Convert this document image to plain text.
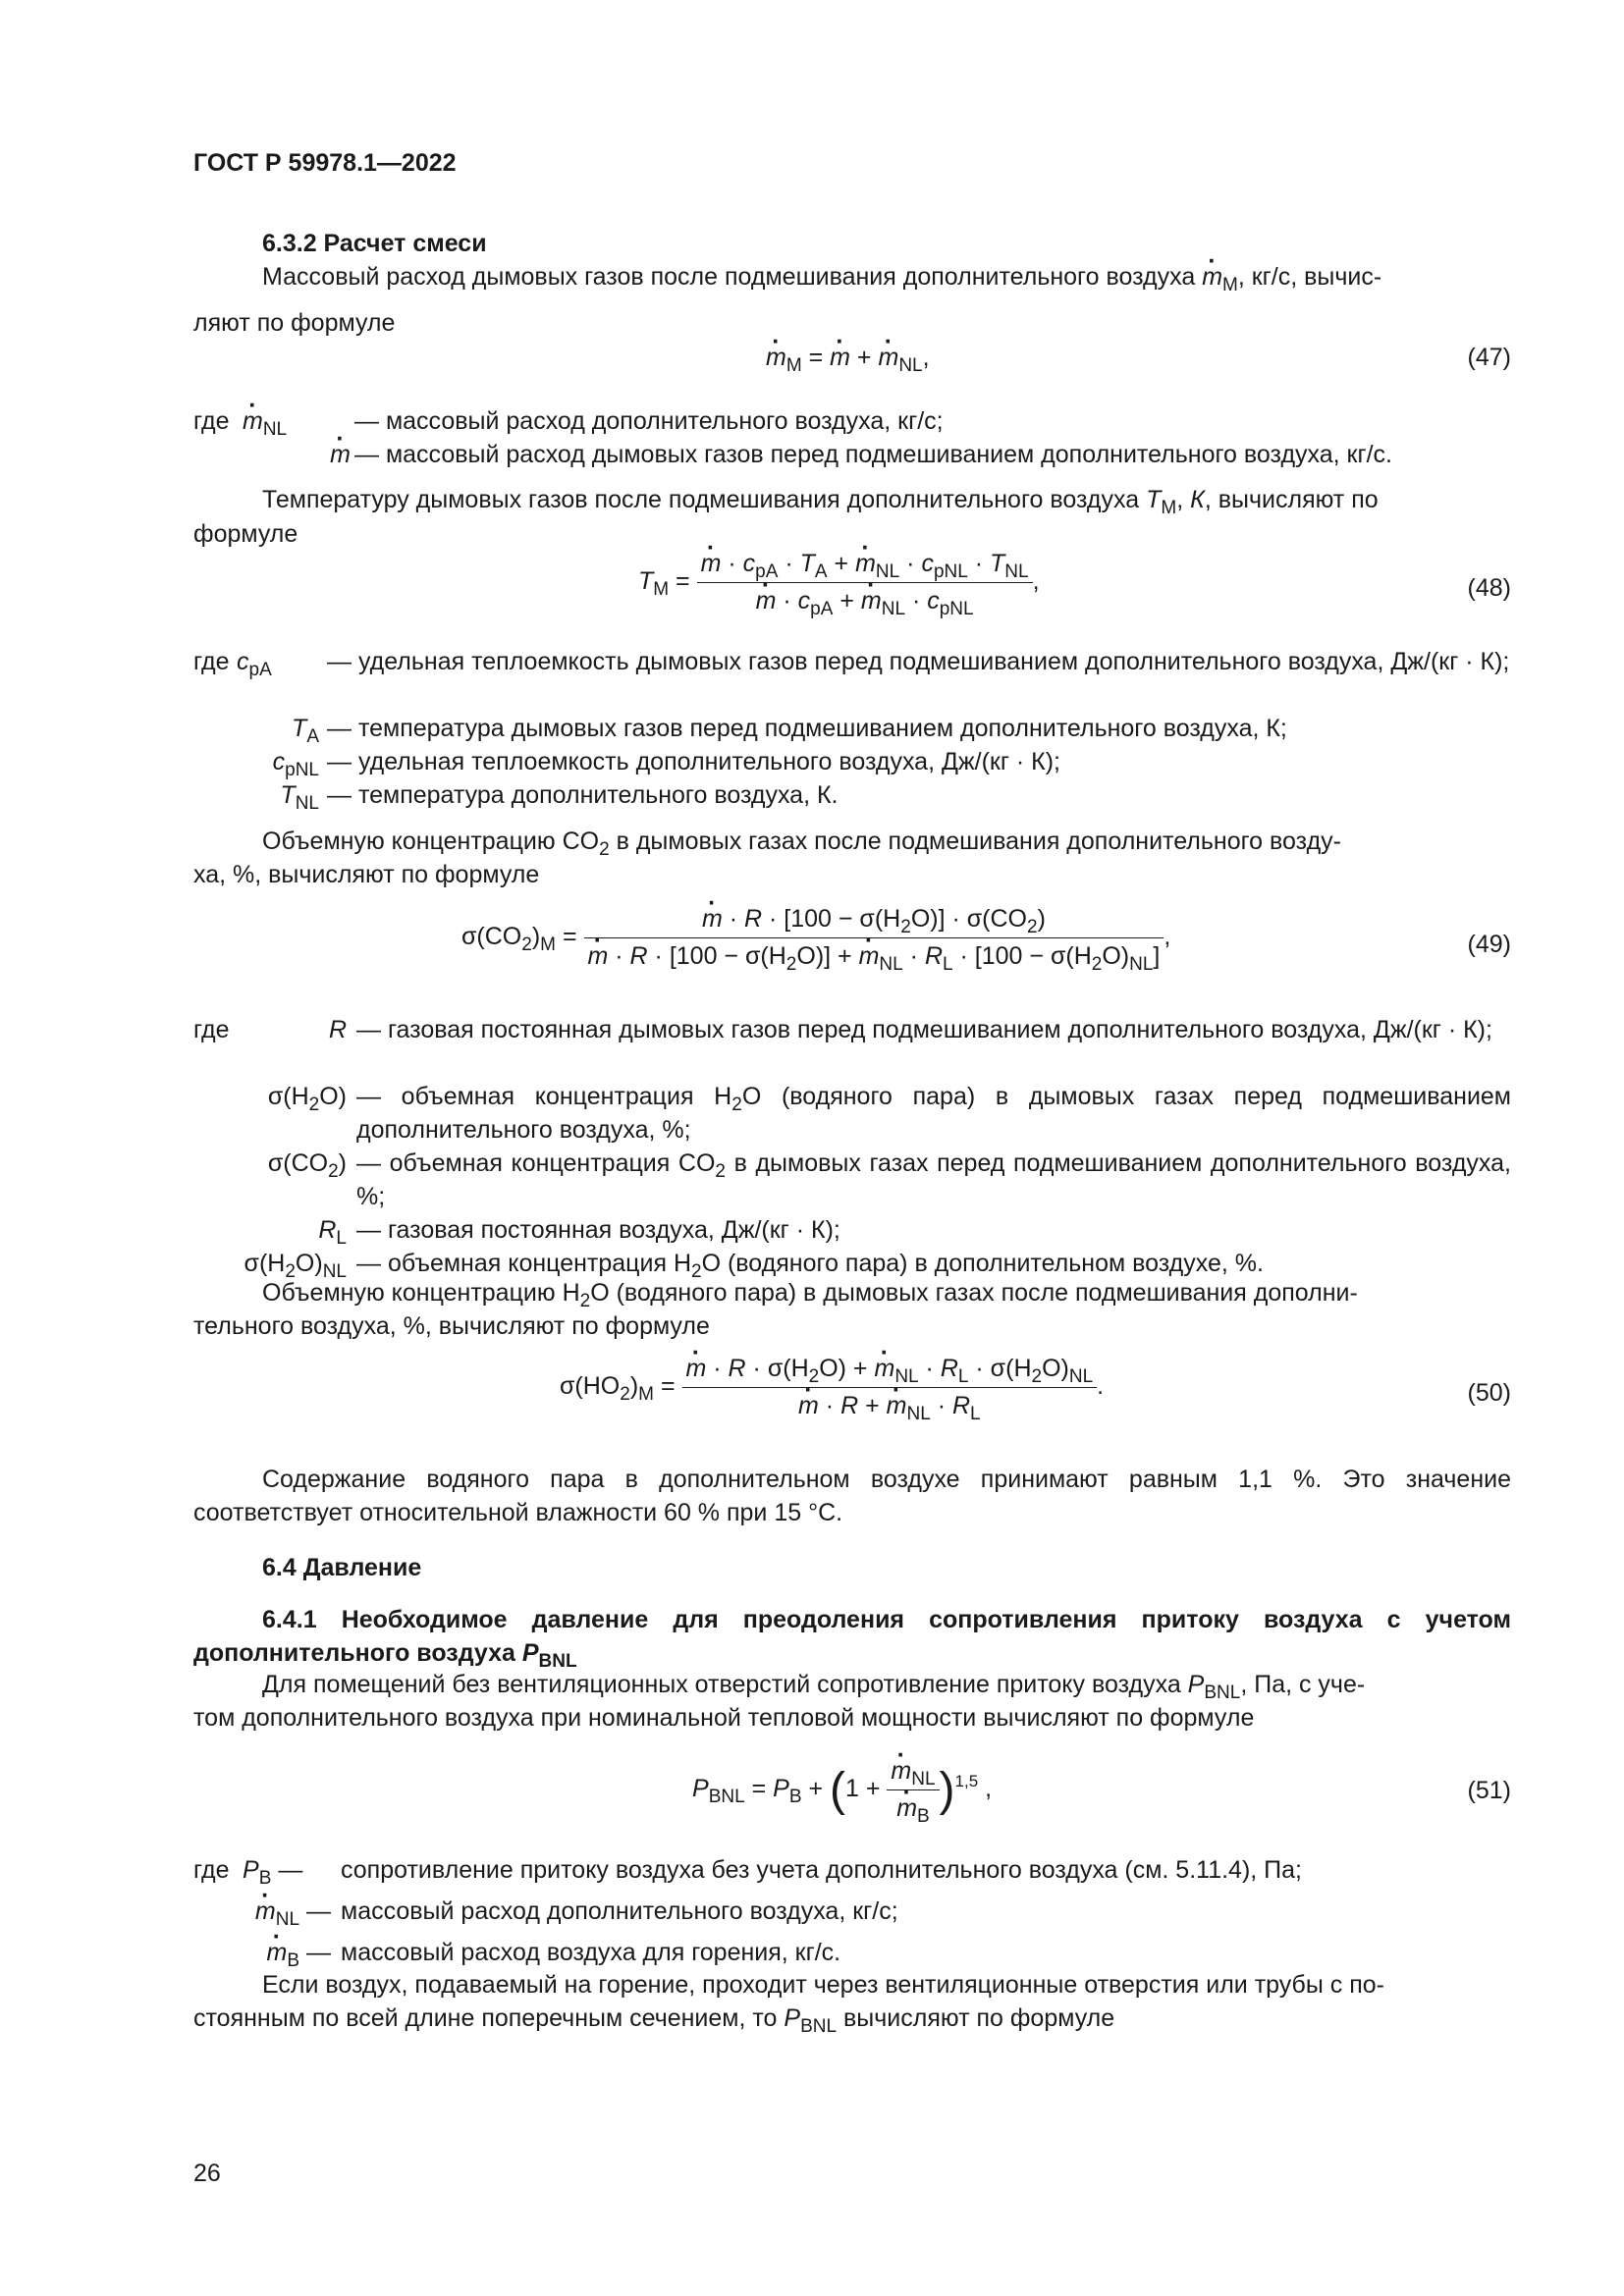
ГОСТ Р 59978.1—2022
6.3.2 Расчет смеси
Массовый расход дымовых газов после подмешивания дополнительного воздуха · $m_M$, кг/с, вычис-
ляют по формуле
· $m_M$ = · m + · $m_{NL}$,	(47)
где · $m_{NL}$	— массовый расход дополнительного воздуха, кг/с;
· m — массовый расход дымовых газов перед подмешиванием дополнительного воздуха, кг/с.
Температуру дымовых газов после подмешивания дополнительного воздуха $T_M$, К, вычисляют по
формуле
$T_M$ = · $m \cdot c_{pA} \cdot T_A$ + · $m_{NL} \cdot c_{pNL} \cdot T_{NL}$
· $m \cdot c_{pA}$ + · $m_{NL} \cdot c_{pNL}$ ,	(48)
где $c_{pA}$	— удельная теплоемкость дымовых газов перед подмешиванием дополнительного воздуха, Дж/(кг · К);
$T_A$ — температура дымовых газов перед подмешиванием дополнительного воздуха, К;
$c_{pNL}$ — удельная теплоемкость дополнительного воздуха, Дж/(кг · К);
$T_{NL}$ — температура дополнительного воздуха, К.
Объемную концентрацию $CO_2$ в дымовых газах после подмешивания дополнительного возду-
ха, %, вычисляют по формуле
$\sigma(CO_2)_M$ = · $m \cdot R \cdot [100 - \sigma(H_2O)] \cdot \sigma(CO_2)$
· $m \cdot R \cdot [100 - \sigma(H_2O)]$ + · $m_{NL} \cdot R_L \cdot [100 - \sigma(H_2O)_{NL}]$ ,	(49)
где	R — газовая постоянная дымовых газов перед подмешиванием дополнительного воздуха, Дж/(кг · К);
$\sigma(H_2O)$ — объемная концентрация $H_2O$ (водяного пара) в дымовых газах перед подмешиванием дополнительного воздуха, %;
$\sigma(CO_2)$ — объемная концентрация $CO_2$ в дымовых газах перед подмешиванием дополнительного воздуха, %;
$R_L$ — газовая постоянная воздуха, Дж/(кг · К);
$\sigma(H_2O)_{NL}$ — объемная концентрация $H_2O$ (водяного пара) в дополнительном воздухе, %.
Объемную концентрацию $H_2O$ (водяного пара) в дымовых газах после подмешивания дополни-
тельного воздуха, %, вычисляют по формуле
$\sigma(HO_2)_M$ = · $m \cdot R \cdot \sigma(H_2O)$ + · $m_{NL} \cdot R_L \cdot \sigma(H_2O)_{NL}$
· m · R + · $m_{NL} \cdot R_L$ .	(50)
Содержание водяного пара в дополнительном воздухе принимают равным 1,1 %. Это значение соответствует относительной влажности 60 % при 15 °C.
6.4 Давление
6.4.1 Необходимое давление для преодоления сопротивления притоку воздуха с учетом дополнительного воздуха $P_{BNL}$
Для помещений без вентиляционных отверстий сопротивление притоку воздуха $P_{BNL}$, Па, с уче-
том дополнительного воздуха при номинальной тепловой мощности вычисляют по формуле
$P_{BNL} = P_B + (1$ + · $m_{NL}$
· $m_B$ )$^{1,5}$ ,	(51)
где $P_B$ —	сопротивление притоку воздуха без учета дополнительного воздуха (см. 5.11.4), Па;
· $m_{NL}$ — массовый расход дополнительного воздуха, кг/с;
· $m_B$ — массовый расход воздуха для горения, кг/с.
Если воздух, подаваемый на горение, проходит через вентиляционные отверстия или трубы с по-
стоянным по всей длине поперечным сечением, то $P_{BNL}$ вычисляют по формуле
26
